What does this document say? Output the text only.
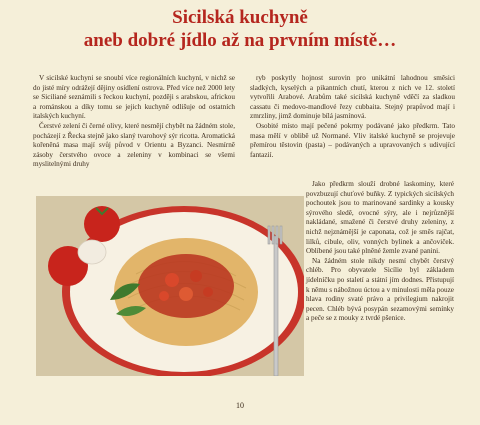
Sicilská kuchyně
aneb dobré jídlo až na prvním místě…

V sicilské kuchyni se snoubí více regionálních kuchyní, v nichž se do jisté míry odrážejí dějiny osídlení ostrova. Před více než 2000 lety se Siciliané seznámili s řeckou kuchyní, později s arabskou, africkou a románskou a díky tomu se jejich kuchyně odlišuje od ostatních italských kuchyní.

Čerstvé zelení či černé olivy, které nesmějí chybět na žádném stole, pocházejí z Řecka stejně jako slaný tvarohový sýr ricotta. Aromatická kořeněná masa mají svůj původ v Orientu a Byzanci. Nesmírně zásoby čerstvého ovoce a zeleniny v kombinaci se všemi myslitelnými druhy

ryb poskytly hojnost surovin pro unikátní lahodnou směsici sladkých, kyselých a pikantních chutí, kterou z nich ve 12. století vytvořili Arabové. Arabům také sicilská kuchyně vděčí za sladkou cassatu či medovo-mandlové řezy cubbaita. Stejný prapůvod mají i zmrzliny, jimž dominuje bílá jasmínová.

Osobité místo mají pečené pokrmy podávané jako předkrm. Tato masa mělí v oblibě už Normané. Vliv italské kuchyně se projevuje přemírou těstovin (pasta) – podávaných a upravovaných s udivující fantazií.

Jako předkrm slouží drobné laskominy, které povzbuzují chuťové buňky. Z typických sicilských pochoutek jsou to marinované sardinky a kousky sýrového sledě, ovocné sýry, ale i nejrůznější nakládané, smažené či čerstvé druhy zeleniny, z nichž nejznámější je caponata, což je směs rajčat, lilků, cibule, oliv, vonných bylinek a ančoviček. Oblíbené jsou také plněné žemle zvané panini.

Na žádném stole nikdy nesmí chybět čerstvý chléb. Pro obyvatele Sicílie byl základem jídelníčku po staletí a státní jím dodnes. Přistupují k němu s nábožnou úctou a v minulosti měla pouze hlava rodiny svaté právo a privilegium nakrojit pecen. Chléb bývá posypán sezamovými semínky a peče se z mouky z tvrdé pšenice.

10
